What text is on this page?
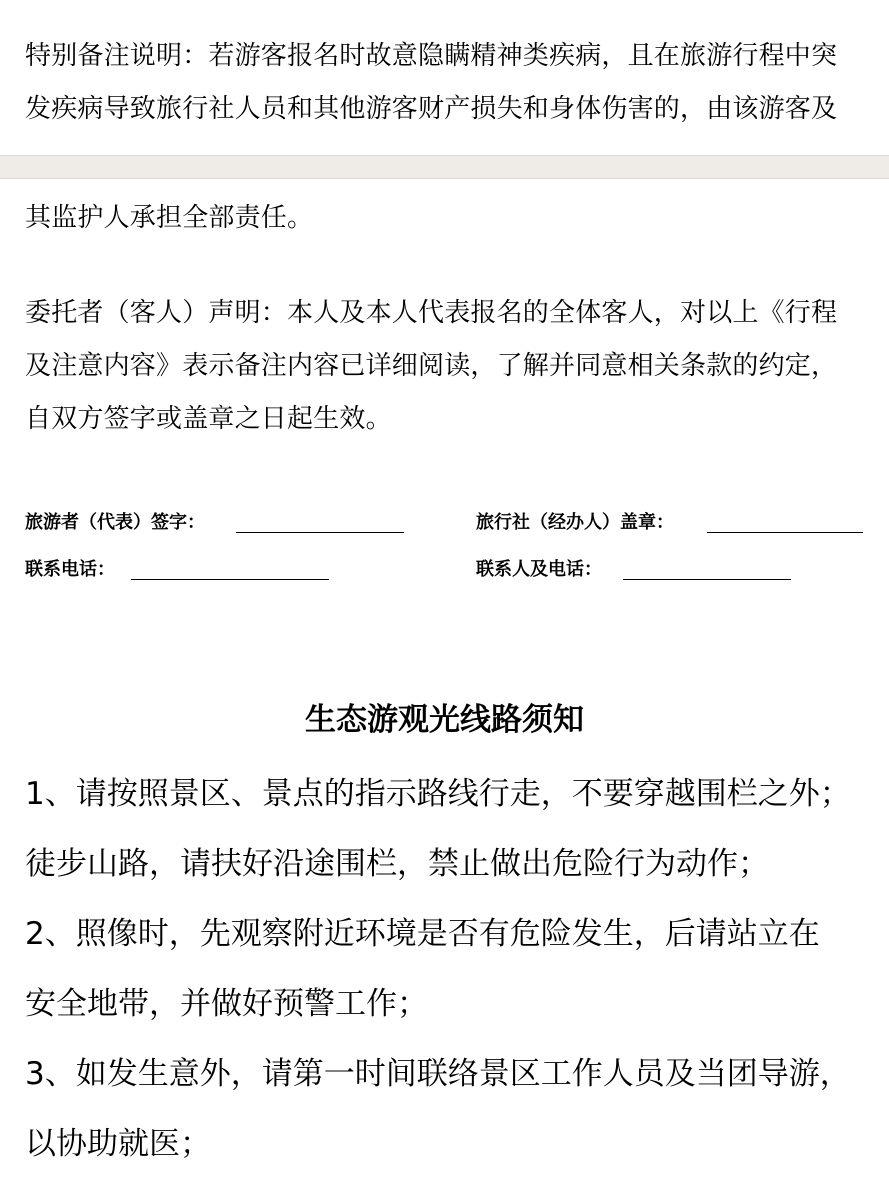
特别备注说明：若游客报名时故意隐瞒精神类疾病，且在旅游行程中突
发疾病导致旅行社人员和其他游客财产损失和身体伤害的，由该游客及
其监护人承担全部责任。
委托者（客人）声明：本人及本人代表报名的全体客人，对以上《行程
及注意内容》表示备注内容已详细阅读，了解并同意相关条款的约定，
自双方签字或盖章之日起生效。
旅游者（代表）签字：	旅行社（经办人）盖章：
联系电话：	联系人及电话：
生态游观光线路须知
1、请按照景区、景点的指示路线行走，不要穿越围栏之外；
徒步山路，请扶好沿途围栏，禁止做出危险行为动作；
2、照像时，先观察附近环境是否有危险发生，后请站立在
安全地带，并做好预警工作；
3、如发生意外，请第一时间联络景区工作人员及当团导游，
以协助就医；
